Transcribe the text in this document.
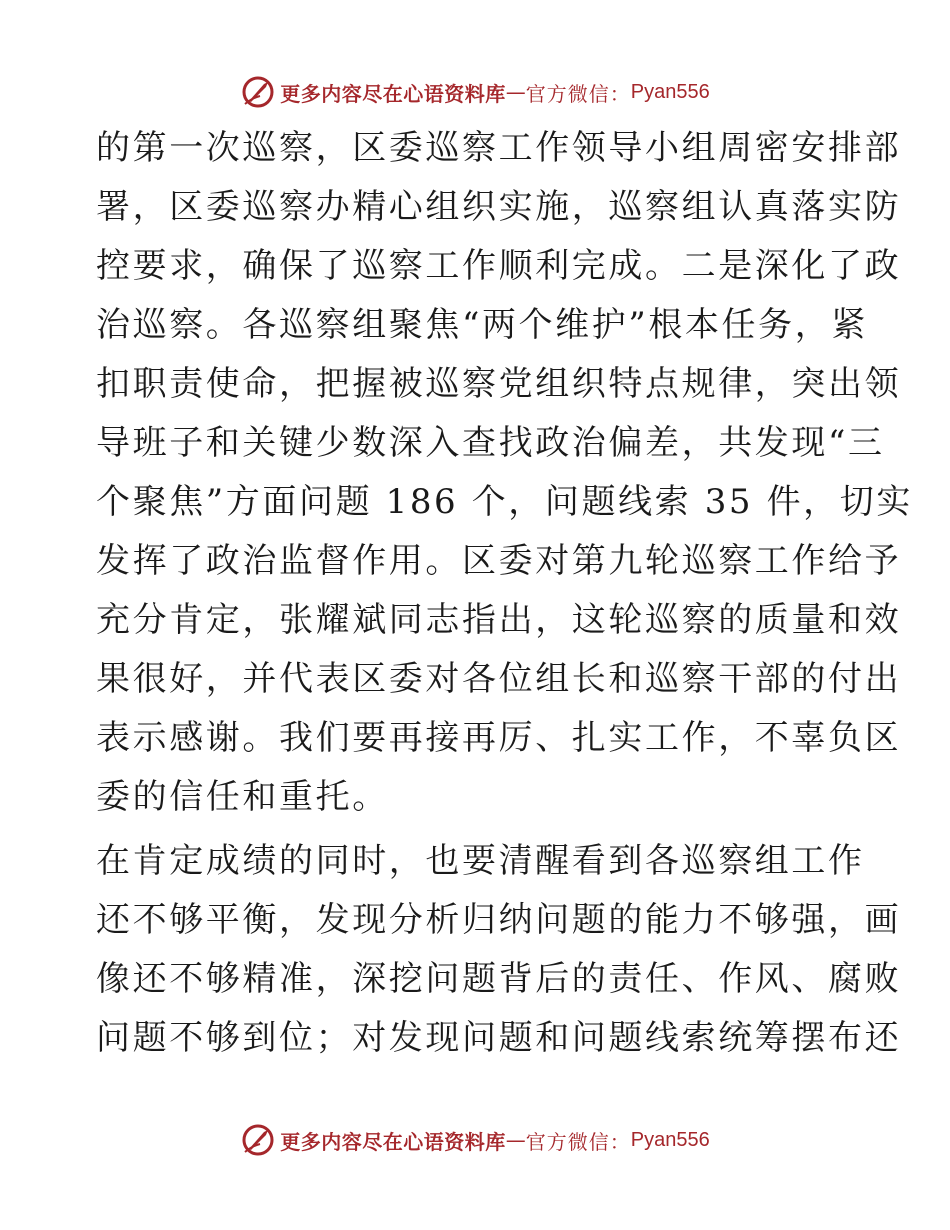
更多内容尽在心语资料库 — 官方微信： Pyan556
的第一次巡察，区委巡察工作领导小组周密安排部
署，区委巡察办精心组织实施，巡察组认真落实防
控要求，确保了巡察工作顺利完成。二是深化了政
治巡察。各巡察组聚焦“两个维护”根本任务，紧
扣职责使命，把握被巡察党组织特点规律，突出领
导班子和关键少数深入查找政治偏差，共发现“三
个聚焦”方面问题 186 个，问题线索 35 件，切实
发挥了政治监督作用。区委对第九轮巡察工作给予
充分肯定，张耀斌同志指出，这轮巡察的质量和效
果很好，并代表区委对各位组长和巡察干部的付出
表示感谢。我们要再接再厉、扎实工作，不辜负区
委的信任和重托。
在肯定成绩的同时，也要清醒看到各巡察组工作
还不够平衡，发现分析归纳问题的能力不够强，画
像还不够精准，深挖问题背后的责任、作风、腐败
问题不够到位；对发现问题和问题线索统筹摆布还
更多内容尽在心语资料库 — 官方微信： Pyan556
